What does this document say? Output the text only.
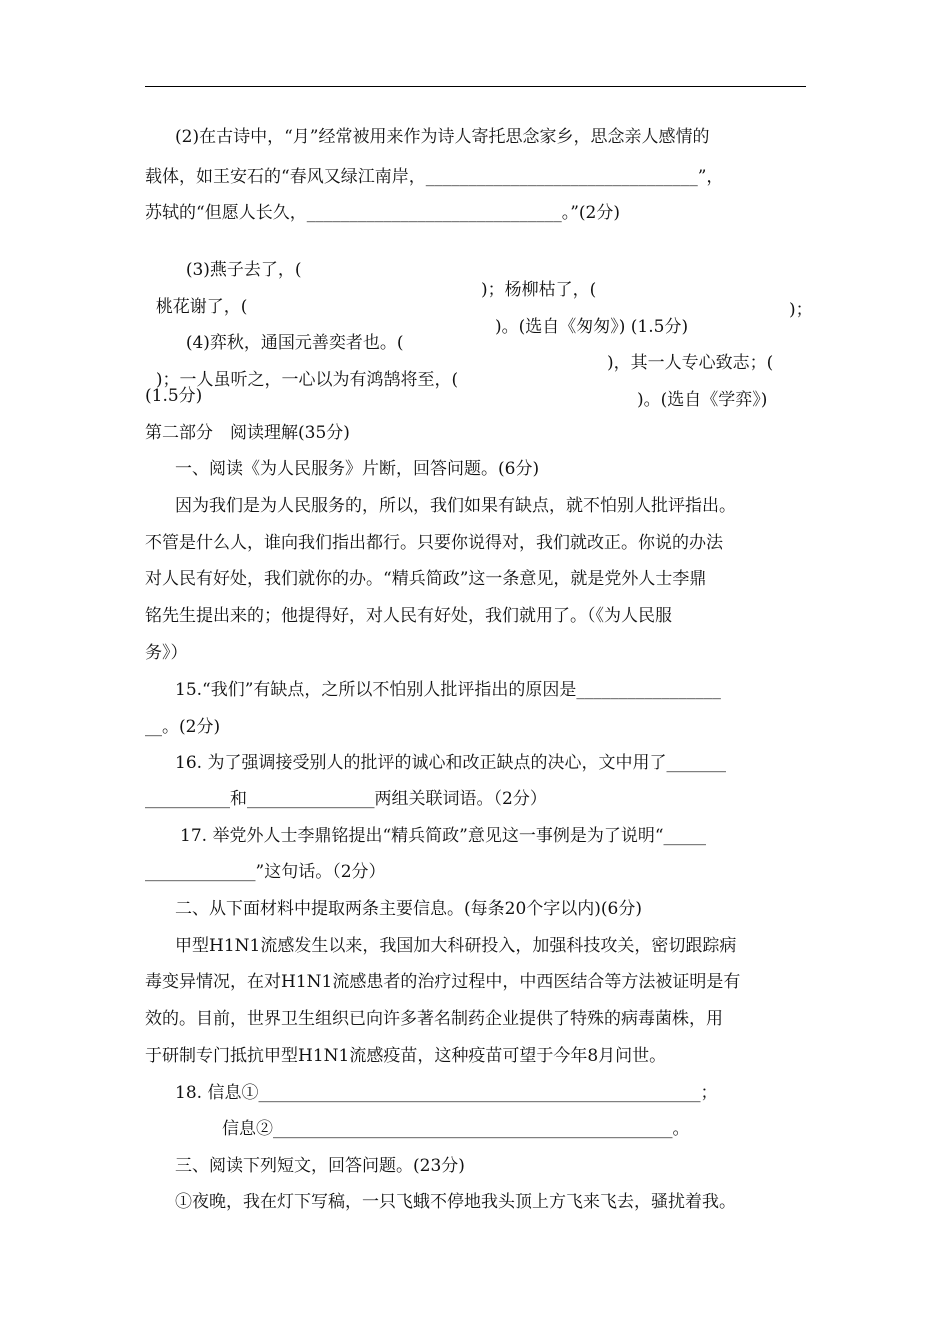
(2)在古诗中，“月”经常被用来作为诗人寄托思念家乡，思念亲人感情的
载体，如王安石的“春风又绿江南岸，________________________________”，
苏轼的“但愿人长久，______________________________。”(2分)

(3)燕子去了，(

)；杨柳枯了，(

)；

桃花谢了，(

)。(选自《匆匆》) (1.5分)

(4)弈秋，通国元善奕者也。(

)，其一人专心致志；(

)；一人虽听之，一心以为有鸿鹄将至，(

)。(选自《学弈》)

(1.5分)
第二部分　阅读理解(35分)
一、阅读《为人民服务》片断，回答问题。(6分)
因为我们是为人民服务的，所以，我们如果有缺点，就不怕别人批评指出。
不管是什么人，谁向我们指出都行。只要你说得对，我们就改正。你说的办法
对人民有好处，我们就你的办。“精兵简政”这一条意见，就是党外人士李鼎
铭先生提出来的；他提得好，对人民有好处，我们就用了。（《为人民服
务》）
15.“我们”有缺点，之所以不怕别人批评指出的原因是_________________
__。(2分)
16. 为了强调接受别人的批评的诚心和改正缺点的决心，文中用了_______
__________和_______________两组关联词语。（2分）
17. 举党外人士李鼎铭提出“精兵简政”意见这一事例是为了说明“_____
_____________”这句话。（2分）
二、从下面材料中提取两条主要信息。(每条20个字以内)(6分)
甲型H1N1流感发生以来，我国加大科研投入，加强科技攻关，密切跟踪病
毒变异情况，在对H1N1流感患者的治疗过程中，中西医结合等方法被证明是有
效的。目前，世界卫生组织已向许多著名制药企业提供了特殊的病毒菌株，用
于研制专门抵抗甲型H1N1流感疫苗，这种疫苗可望于今年8月问世。
18. 信息①____________________________________________________；
信息②_______________________________________________。
三、阅读下列短文，回答问题。(23分)
①夜晚，我在灯下写稿，一只飞蛾不停地我头顶上方飞来飞去，骚扰着我。
